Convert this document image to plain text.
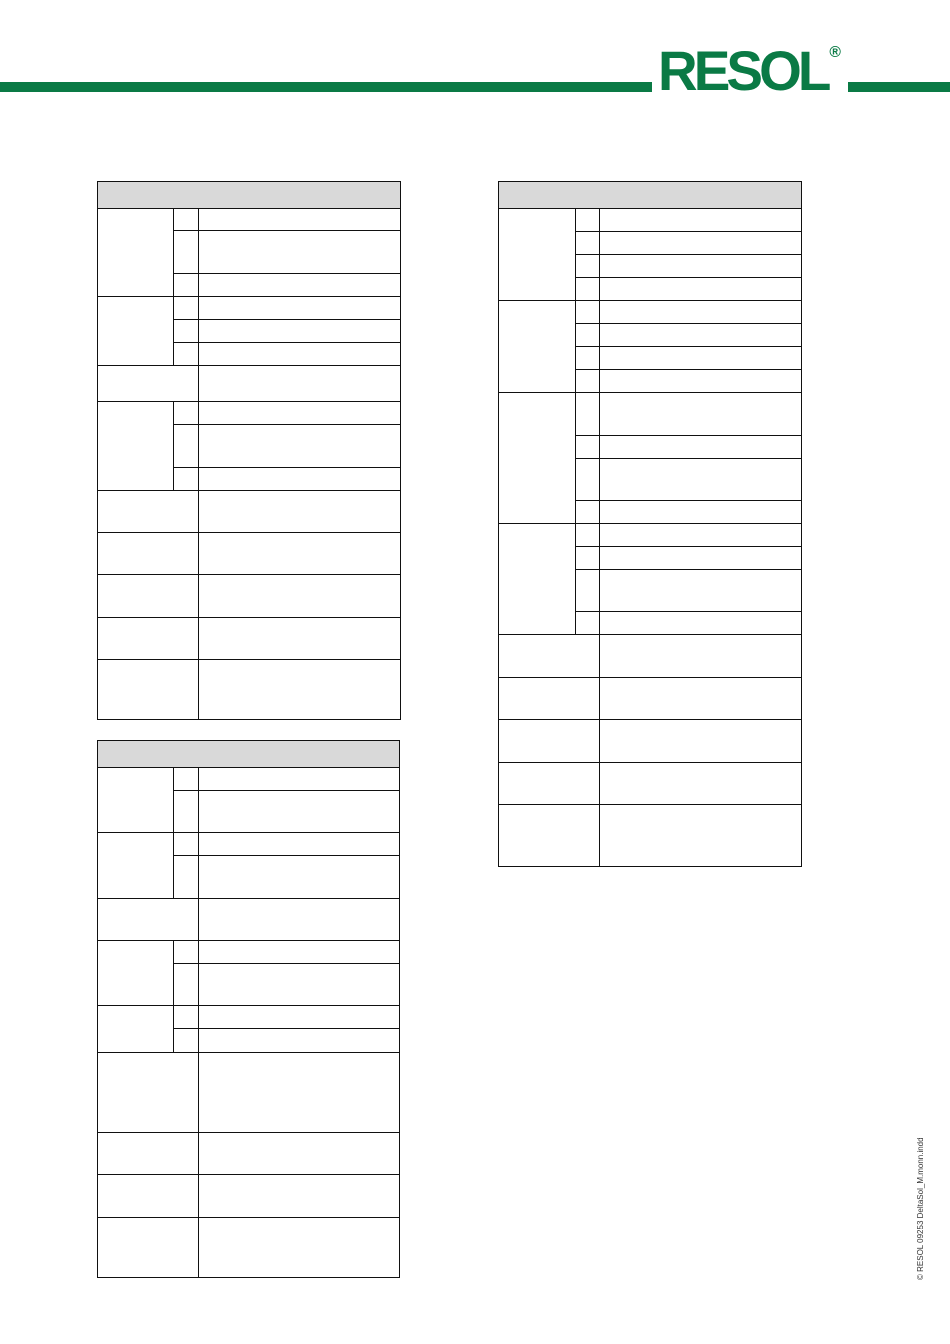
RESOL ®

© RESOL 09253 DeltaSol_M.monn.indd
